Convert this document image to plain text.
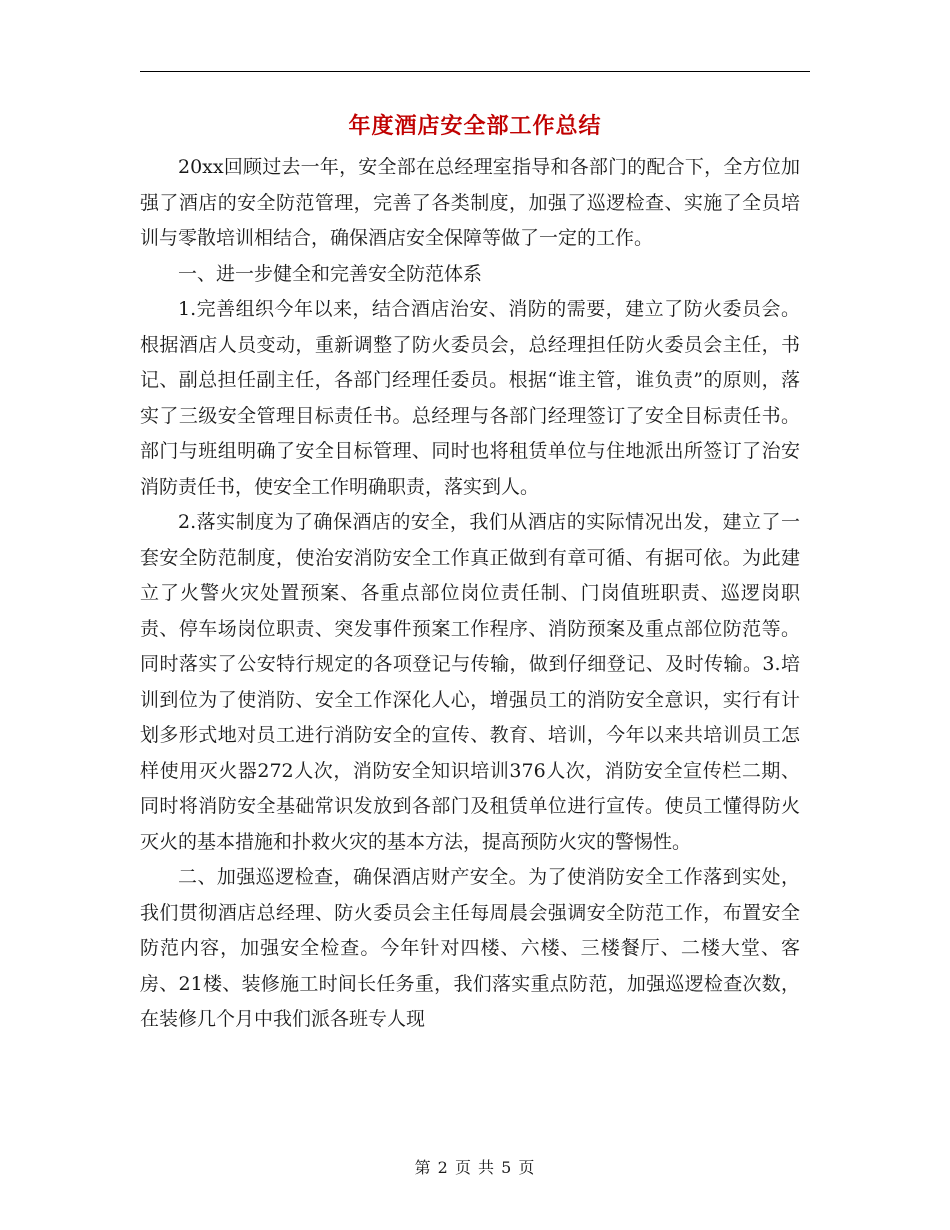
年度酒店安全部工作总结

20xx回顾过去一年，安全部在总经理室指导和各部门的配合下，全方位加强了酒店的安全防范管理，完善了各类制度，加强了巡逻检查、实施了全员培训与零散培训相结合，确保酒店安全保障等做了一定的工作。

一、进一步健全和完善安全防范体系

1.完善组织今年以来，结合酒店治安、消防的需要，建立了防火委员会。根据酒店人员变动，重新调整了防火委员会，总经理担任防火委员会主任，书记、副总担任副主任，各部门经理任委员。根据“谁主管，谁负责”的原则，落实了三级安全管理目标责任书。总经理与各部门经理签订了安全目标责任书。部门与班组明确了安全目标管理、同时也将租赁单位与住地派出所签订了治安消防责任书，使安全工作明确职责，落实到人。

2.落实制度为了确保酒店的安全，我们从酒店的实际情况出发，建立了一套安全防范制度，使治安消防安全工作真正做到有章可循、有据可依。为此建立了火警火灾处置预案、各重点部位岗位责任制、门岗值班职责、巡逻岗职责、停车场岗位职责、突发事件预案工作程序、消防预案及重点部位防范等。同时落实了公安特行规定的各项登记与传输，做到仔细登记、及时传输。3.培训到位为了使消防、安全工作深化人心，增强员工的消防安全意识，实行有计划多形式地对员工进行消防安全的宣传、教育、培训，今年以来共培训员工怎样使用灭火器272人次，消防安全知识培训376人次，消防安全宣传栏二期、同时将消防安全基础常识发放到各部门及租赁单位进行宣传。使员工懂得防火灭火的基本措施和扑救火灾的基本方法，提高预防火灾的警惕性。

二、加强巡逻检查，确保酒店财产安全。为了使消防安全工作落到实处，我们贯彻酒店总经理、防火委员会主任每周晨会强调安全防范工作，布置安全防范内容，加强安全检查。今年针对四楼、六楼、三楼餐厅、二楼大堂、客房、21楼、装修施工时间长任务重，我们落实重点防范，加强巡逻检查次数，在装修几个月中我们派各班专人现

第 2 页 共 5 页
